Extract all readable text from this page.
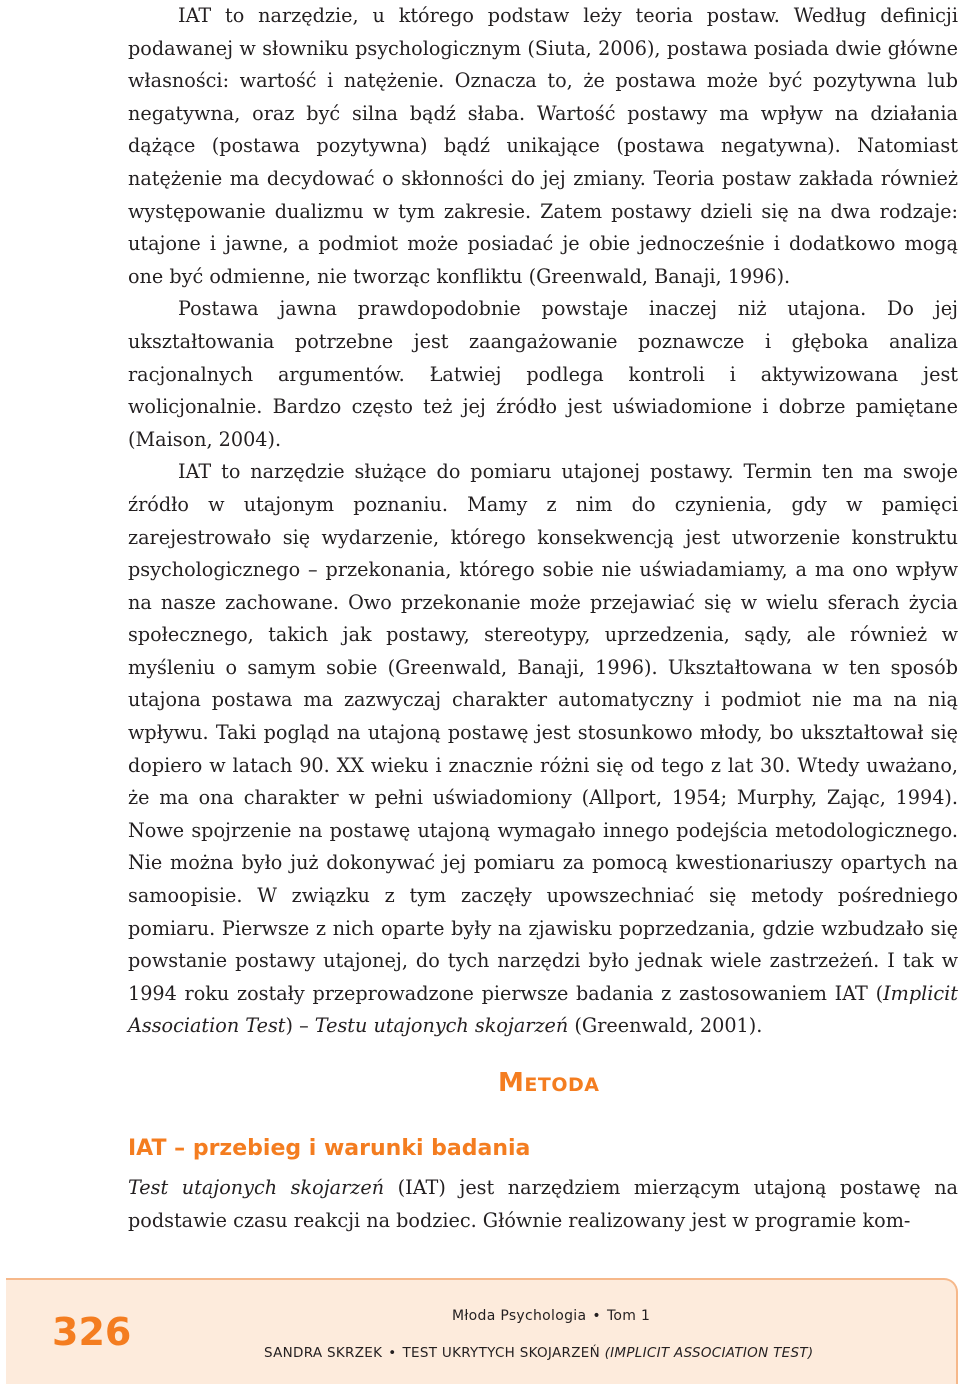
IAT to narzędzie, u którego podstaw leży teoria postaw. Według definicji podawanej w słowniku psychologicznym (Siuta, 2006), postawa posiada dwie główne własności: wartość i natężenie. Oznacza to, że postawa może być pozytywna lub negatywna, oraz być silna bądź słaba. Wartość postawy ma wpływ na działania dążące (postawa pozytywna) bądź unikające (postawa negatywna). Natomiast natężenie ma decydować o skłonności do jej zmiany. Teoria postaw zakłada również występowanie dualizmu w tym zakresie. Zatem postawy dzieli się na dwa rodzaje: utajone i jawne, a podmiot może posiadać je obie jednocześnie i dodatkowo mogą one być odmienne, nie tworząc konfliktu (Greenwald, Banaji, 1996).

Postawa jawna prawdopodobnie powstaje inaczej niż utajona. Do jej ukształtowania potrzebne jest zaangażowanie poznawcze i głęboka analiza racjonalnych argumentów. Łatwiej podlega kontroli i aktywizowana jest wolicjonalnie. Bardzo często też jej źródło jest uświadomione i dobrze pamiętane (Maison, 2004).

IAT to narzędzie służące do pomiaru utajonej postawy. Termin ten ma swoje źródło w utajonym poznaniu. Mamy z nim do czynienia, gdy w pamięci zarejestrowało się wydarzenie, którego konsekwencją jest utworzenie konstruktu psychologicznego – przekonania, którego sobie nie uświadamiamy, a ma ono wpływ na nasze zachowane. Owo przekonanie może przejawiać się w wielu sferach życia społecznego, takich jak postawy, stereotypy, uprzedzenia, sądy, ale również w myśleniu o samym sobie (Greenwald, Banaji, 1996). Ukształtowana w ten sposób utajona postawa ma zazwyczaj charakter automatyczny i podmiot nie ma na nią wpływu. Taki pogląd na utajoną postawę jest stosunkowo młody, bo ukształtował się dopiero w latach 90. XX wieku i znacznie różni się od tego z lat 30. Wtedy uważano, że ma ona charakter w pełni uświadomiony (Allport, 1954; Murphy, Zając, 1994). Nowe spojrzenie na postawę utajoną wymagało innego podejścia metodologicznego. Nie można było już dokonywać jej pomiaru za pomocą kwestionariuszy opartych na samoopisie. W związku z tym zaczęły upowszechniać się metody pośredniego pomiaru. Pierwsze z nich oparte były na zjawisku poprzedzania, gdzie wzbudzało się powstanie postawy utajonej, do tych narzędzi było jednak wiele zastrzeżeń. I tak w 1994 roku zostały przeprowadzone pierwsze badania z zastosowaniem IAT (Implicit Association Test) – Testu utajonych skojarzeń (Greenwald, 2001).

METODA
IAT – przebieg i warunki badania

Test utajonych skojarzeń (IAT) jest narzędziem mierzącym utajoną postawę na podstawie czasu reakcji na bodziec. Głównie realizowany jest w programie kom-

326	Młoda Psychologia • Tom 1
SANDRA SKRZEK • TEST UKRYTYCH SKOJARZEŃ (IMPLICIT ASSOCIATION TEST)
